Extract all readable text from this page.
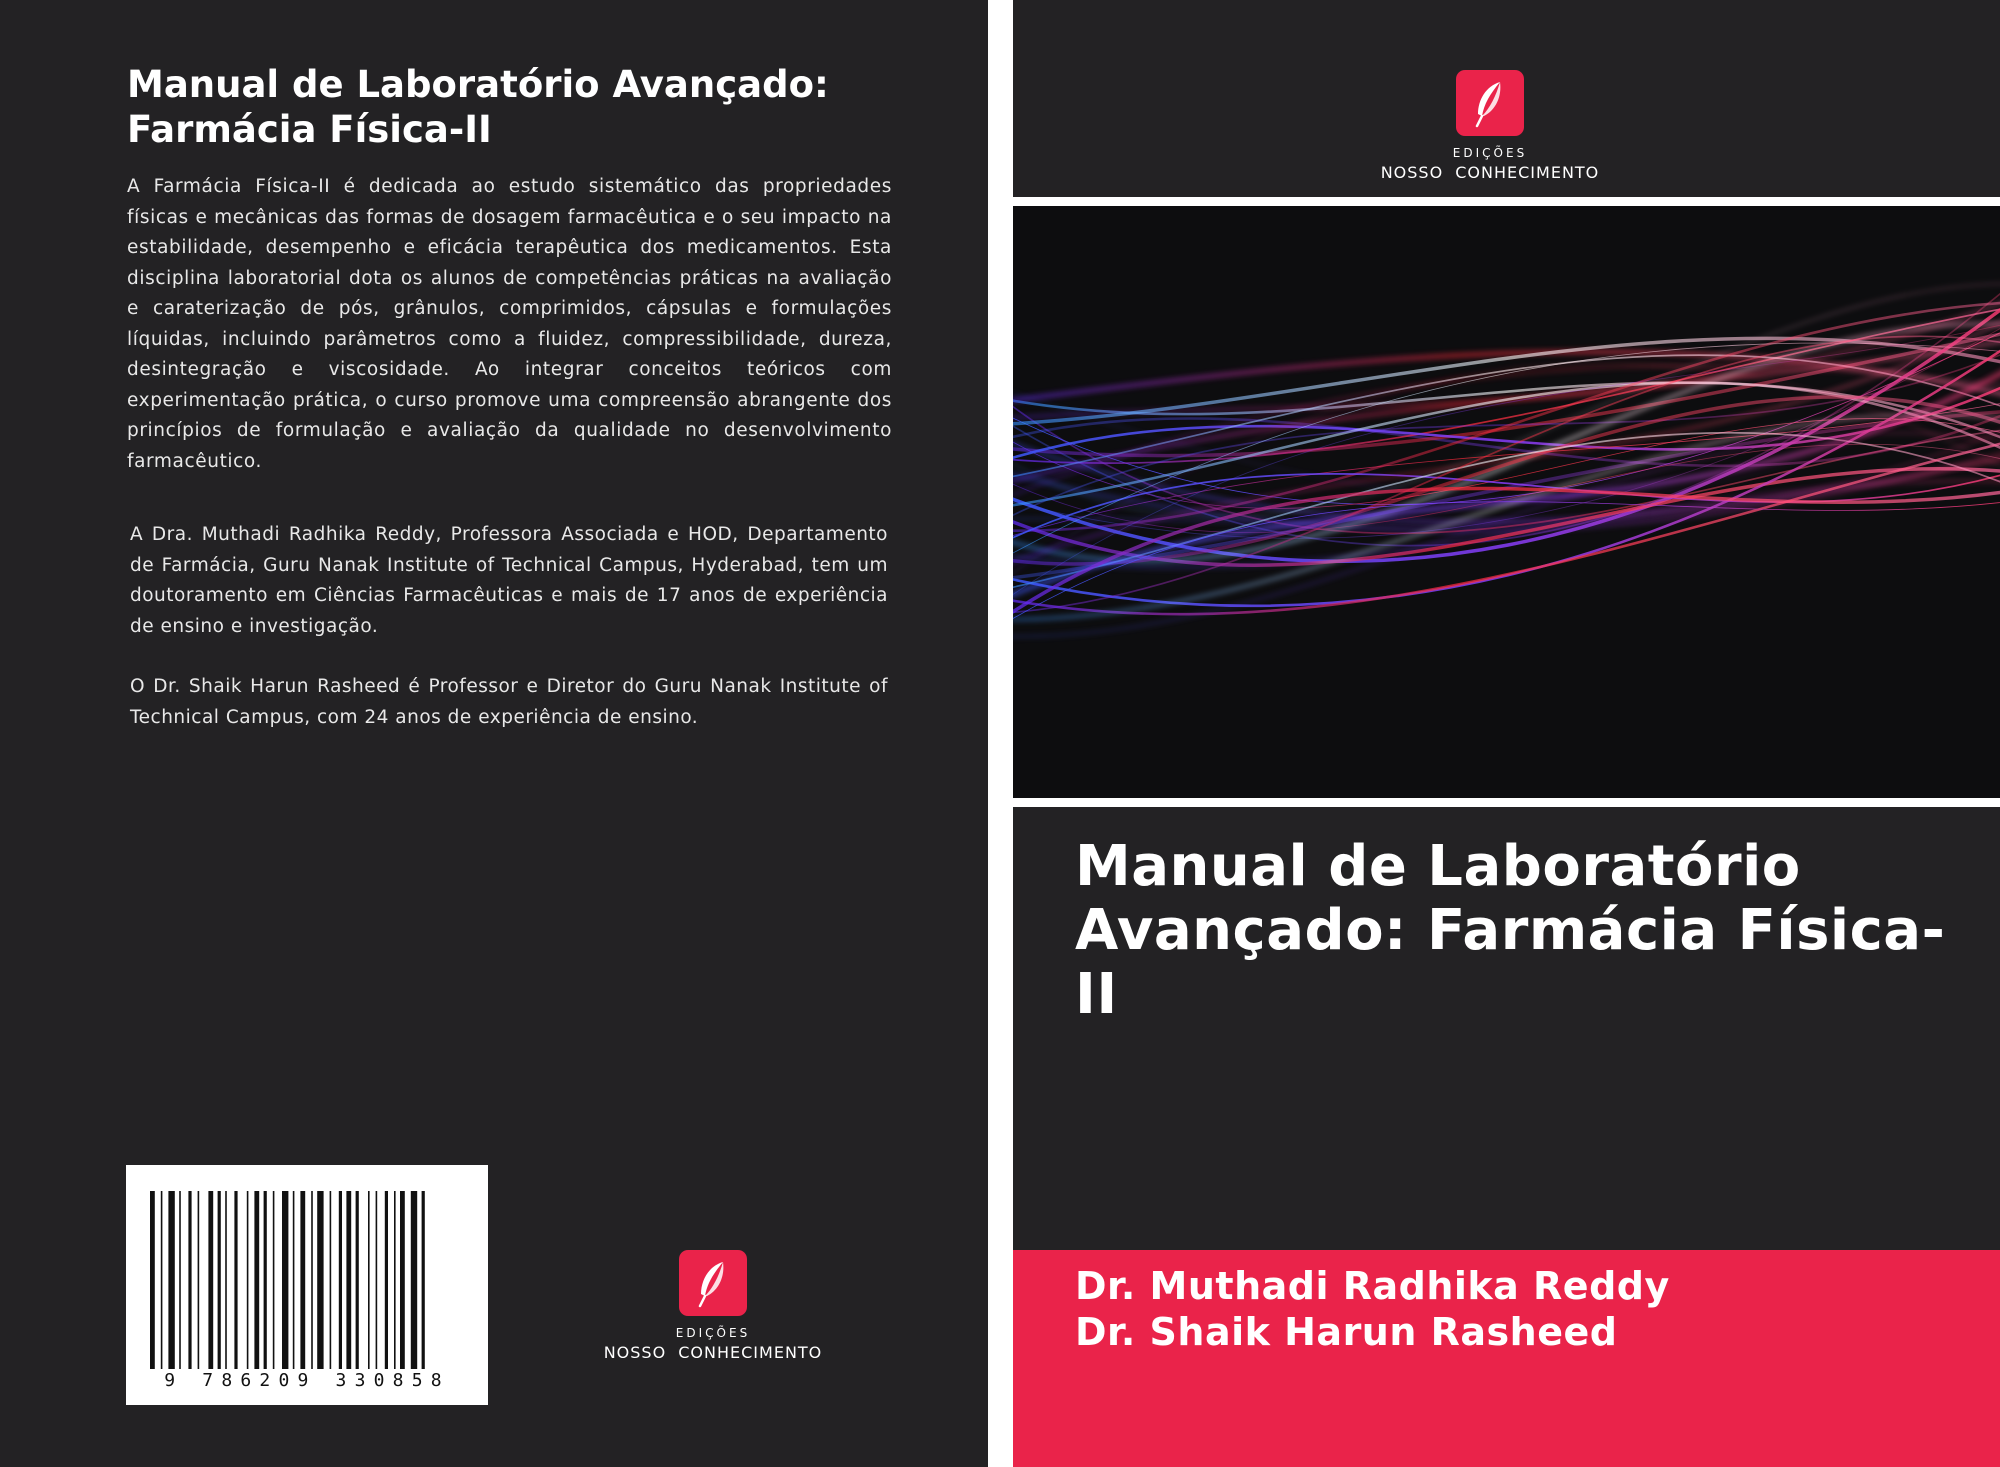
Manual de Laboratório Avançado: Farmácia Física-II

A Farmácia Física-II é dedicada ao estudo sistemático das propriedades físicas e mecânicas das formas de dosagem farmacêutica e o seu impacto na estabilidade, desempenho e eficácia terapêutica dos medicamentos. Esta disciplina laboratorial dota os alunos de competências práticas na avaliação e caraterização de pós, grânulos, comprimidos, cápsulas e formulações líquidas, incluindo parâmetros como a fluidez, compressibilidade, dureza, desintegração e viscosidade. Ao integrar conceitos teóricos com experimentação prática, o curso promove uma compreensão abrangente dos princípios de formulação e avaliação da qualidade no desenvolvimento farmacêutico.

A Dra. Muthadi Radhika Reddy, Professora Associada e HOD, Departamento de Farmácia, Guru Nanak Institute of Technical Campus, Hyderabad, tem um doutoramento em Ciências Farmacêuticas e mais de 17 anos de experiência de ensino e investigação.

O Dr. Shaik Harun Rasheed é Professor e Diretor do Guru Nanak Institute of Technical Campus, com 24 anos de experiência de ensino.

9 786209 330858
EDIÇÕES
NOSSO CONHECIMENTO
EDIÇÕES
NOSSO CONHECIMENTO
Manual de Laboratório Avançado: Farmácia Física-II
Dr. Muthadi Radhika Reddy
Dr. Shaik Harun Rasheed
